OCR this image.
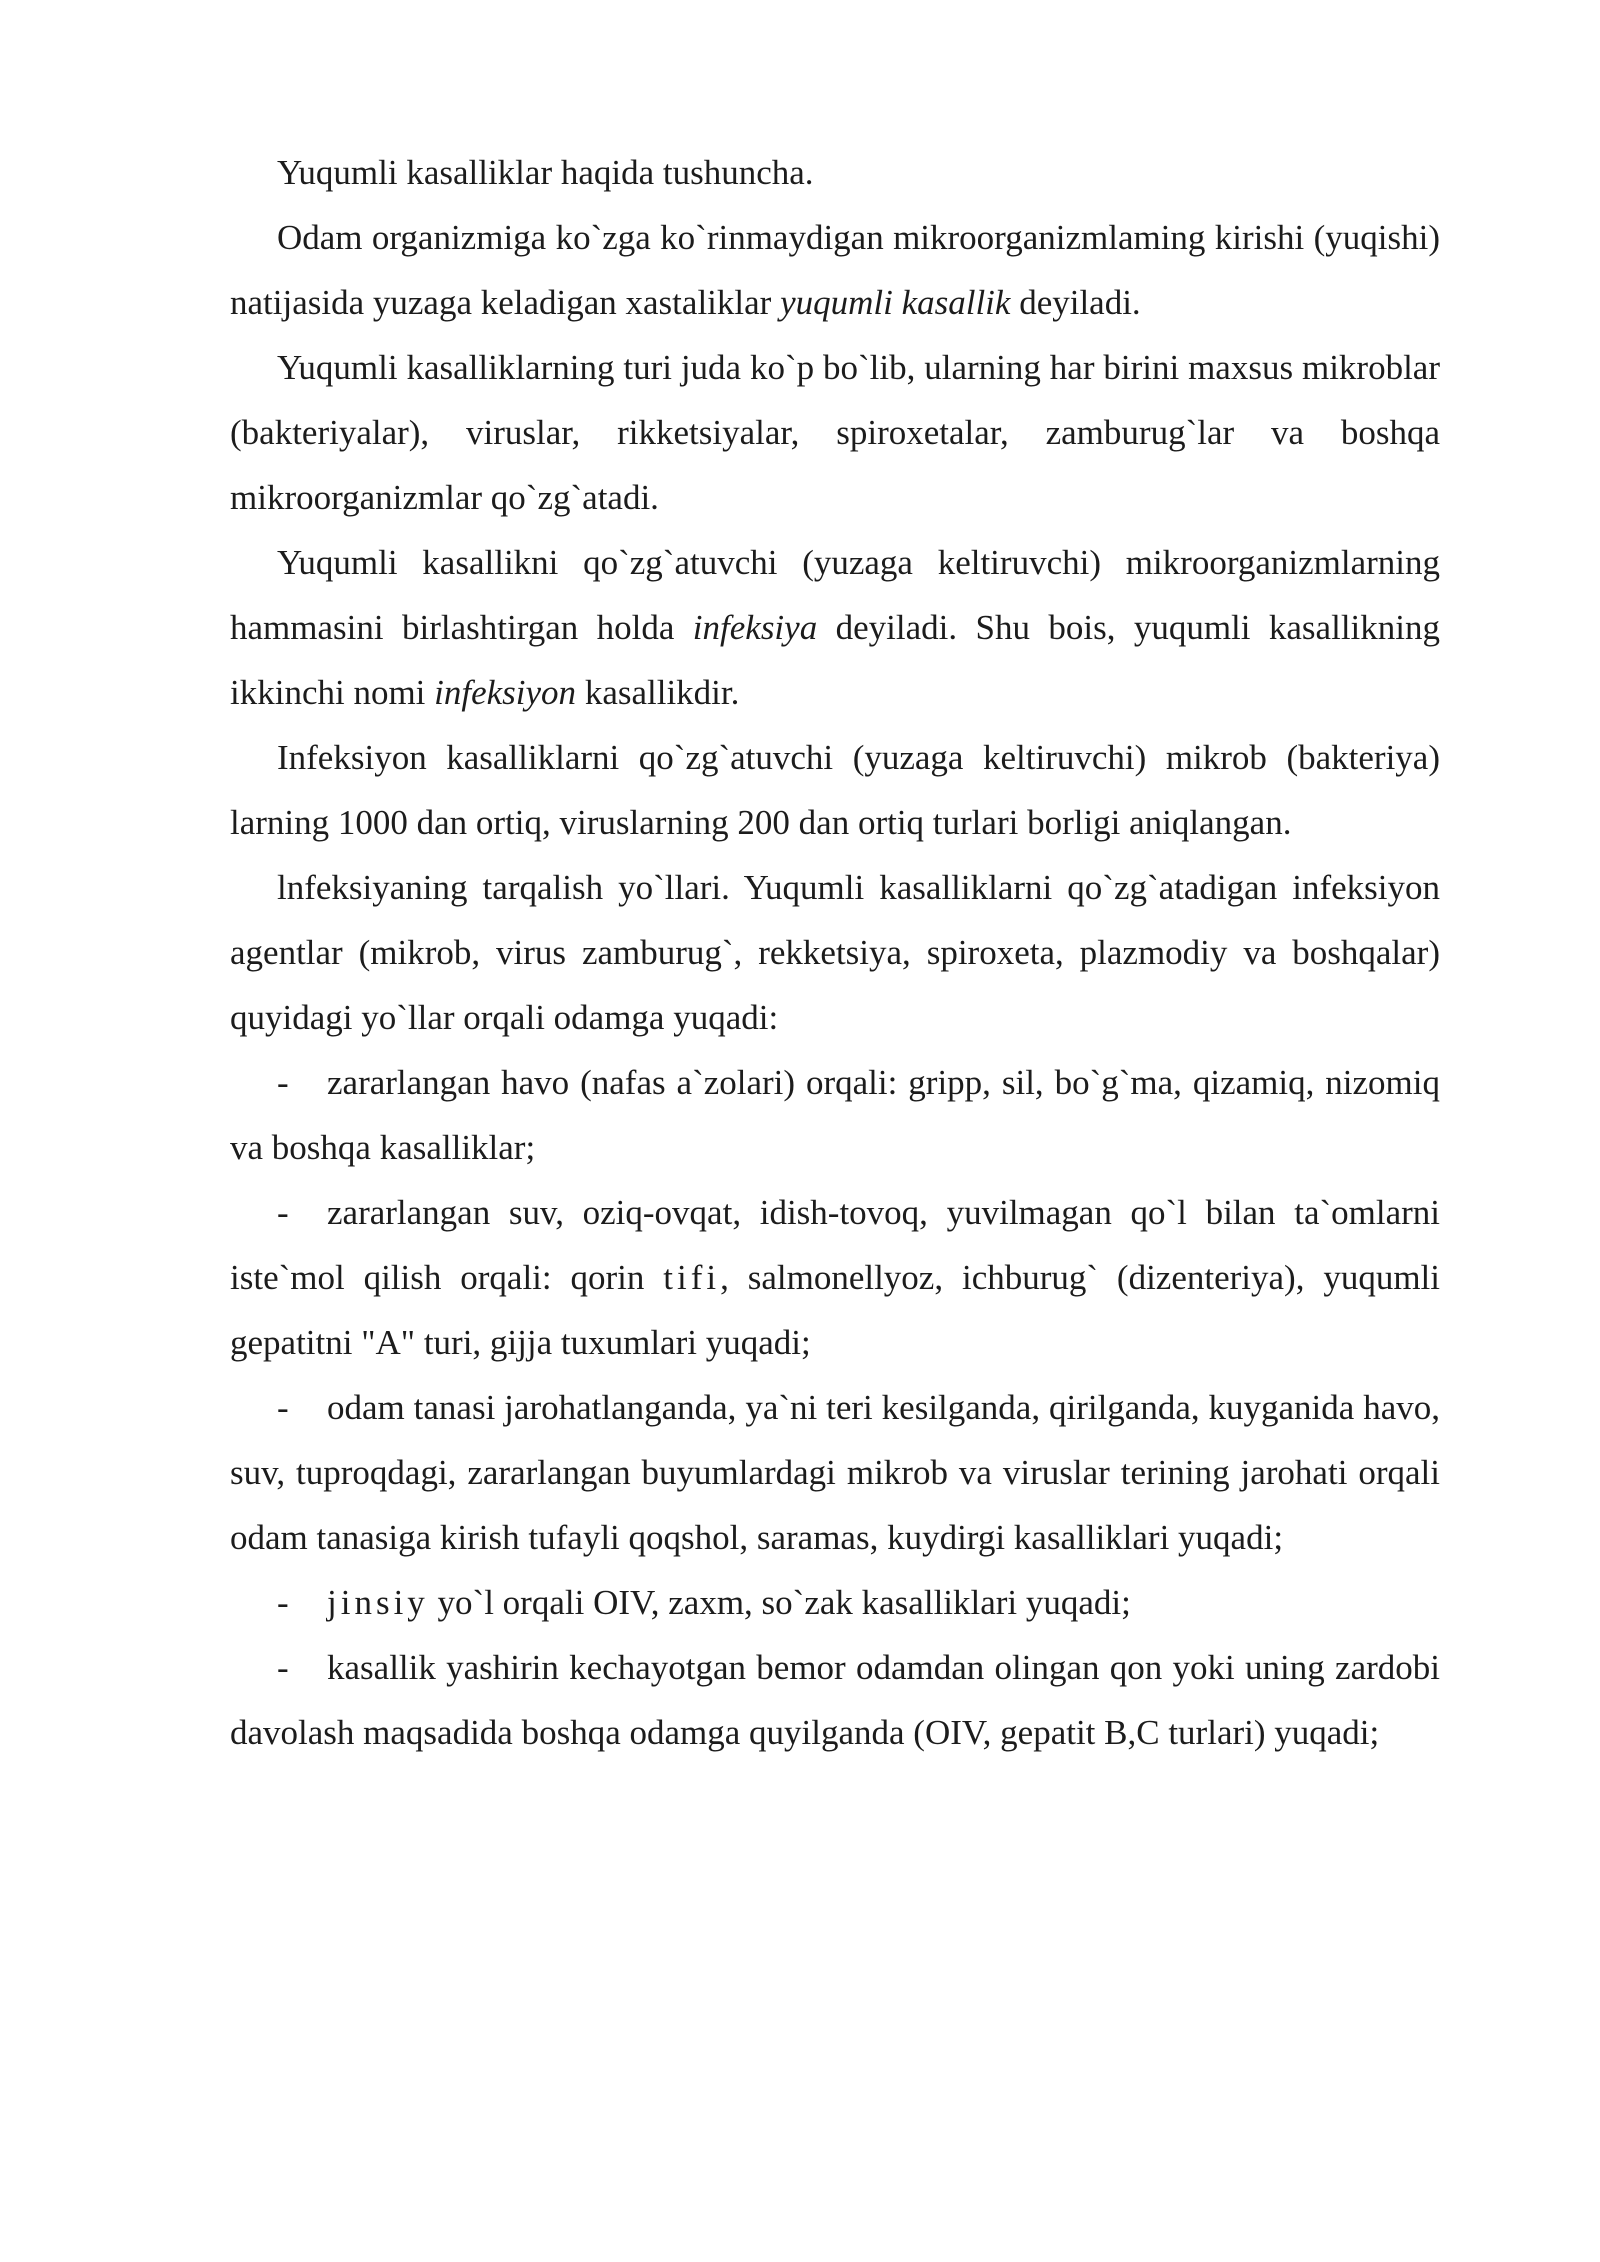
Yuqumli kasalliklar haqida tushuncha.

Odam organizmiga ko`zga ko`rinmaydigan mikroorganizmlaming kirishi (yuqishi) natijasida yuzaga keladigan xastaliklar yuqumli kasallik deyiladi.

Yuqumli kasalliklarning turi juda ko`p bo`lib, ularning har birini maxsus mikroblar (bakteriyalar), viruslar, rikketsiyalar, spiroxetalar, zamburug`lar va boshqa mikroorganizmlar qo`zg`atadi.

Yuqumli kasallikni qo`zg`atuvchi (yuzaga keltiruvchi) mikroorganizmlarning hammasini birlashtirgan holda infeksiya deyiladi. Shu bois, yuqumli kasallikning ikkinchi nomi infeksiyon kasallikdir.

Infeksiyon kasalliklarni qo`zg`atuvchi (yuzaga keltiruvchi) mikrob (bakteriya) larning 1000 dan ortiq, viruslarning 200 dan ortiq turlari borligi aniqlangan.

lnfeksiyaning tarqalish yo`llari. Yuqumli kasalliklarni qo`zg`atadigan infeksiyon agentlar (mikrob, virus zamburug`, rekketsiya, spiroxeta, plazmodiy va boshqalar) quyidagi yo`llar orqali odamga yuqadi:

- zararlangan havo (nafas a`zolari) orqali: gripp, sil, bo`g`ma, qizamiq, nizomiq va boshqa kasalliklar;

- zararlangan suv, oziq-ovqat, idish-tovoq, yuvilmagan qo`l bilan ta`omlarni iste`mol qilish orqali: qorin tifi, salmonellyoz, ichburug` (dizenteriya), yuqumli gepatitni "A" turi, gijja tuxumlari yuqadi;

- odam tanasi jarohatlanganda, ya`ni teri kesilganda, qirilganda, kuyganida havo, suv, tuproqdagi, zararlangan buyumlardagi mikrob va viruslar terining jarohati orqali odam tanasiga kirish tufayli qoqshol, saramas, kuydirgi kasalliklari yuqadi;

- jinsiy yo`l orqali OIV, zaxm, so`zak kasalliklari yuqadi;

- kasallik yashirin kechayotgan bemor odamdan olingan qon yoki uning zardobi davolash maqsadida boshqa odamga quyilganda (OIV, gepatit B,C turlari) yuqadi;
